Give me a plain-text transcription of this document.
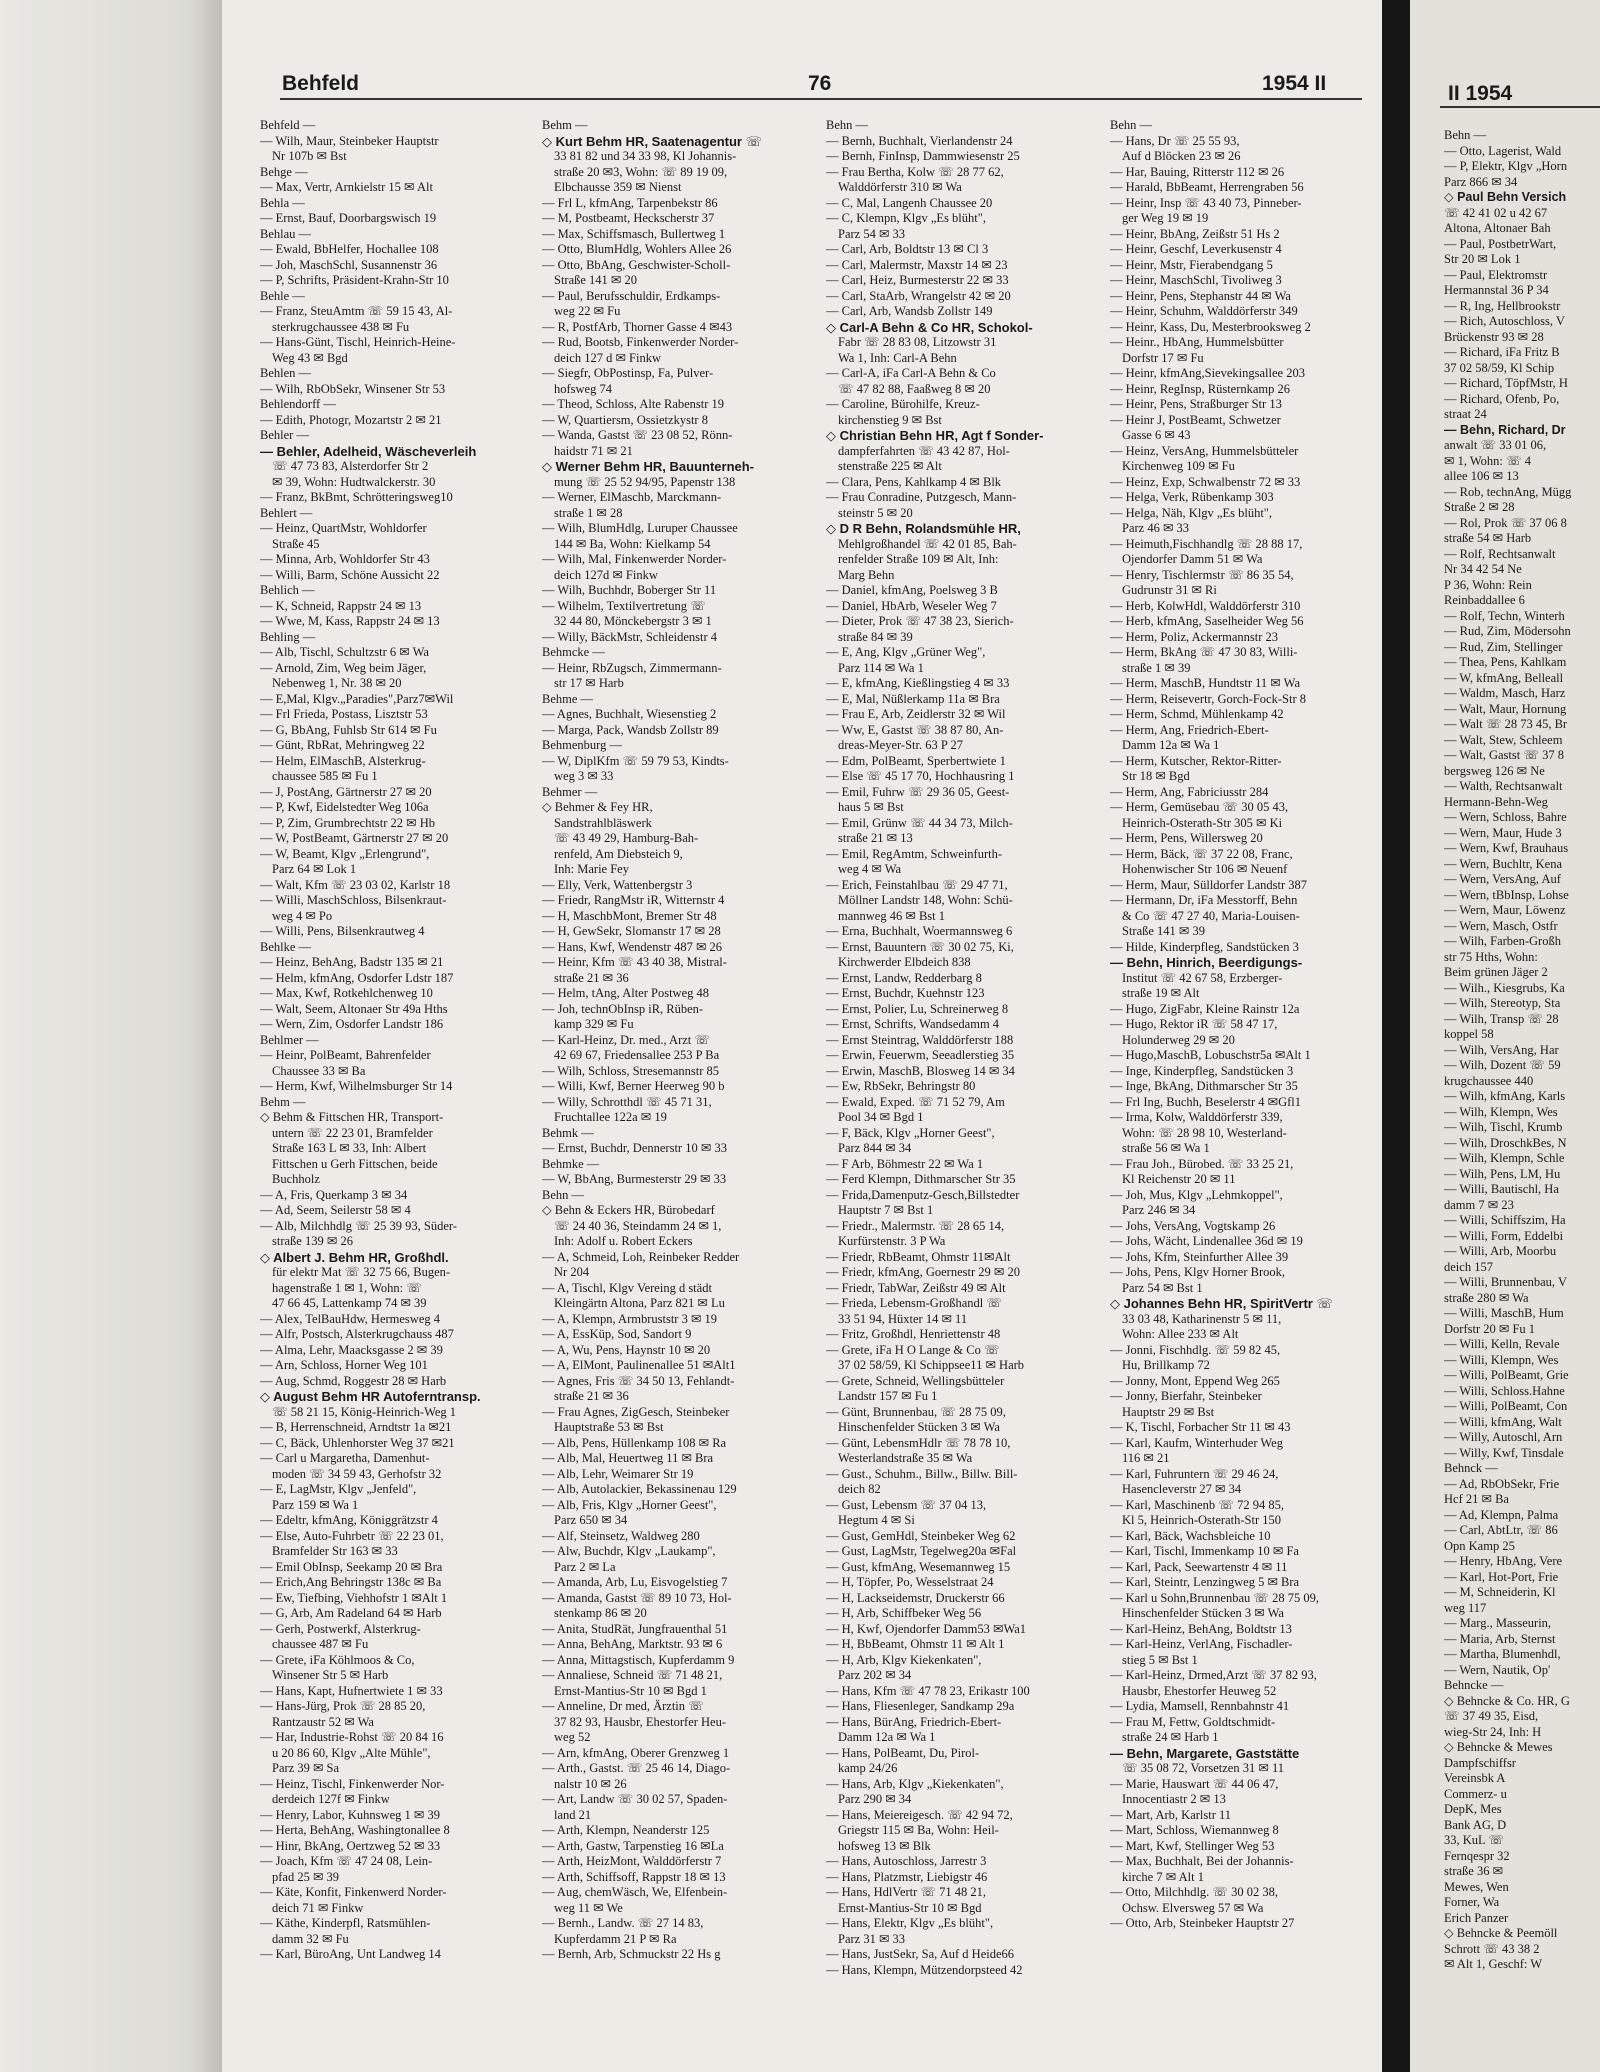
Behfeld	76	1954 II

Behfeld —

— Wilh, Maur, Steinbeker Hauptstr

Nr 107b ✉ Bst

Behge —

— Max, Vertr, Arnkielstr 15 ✉ Alt

Behla —

— Ernst, Bauf, Doorbargswisch 19

Behlau —

— Ewald, BbHelfer, Hochallee 108

— Joh, MaschSchl, Susannenstr 36

— P, Schrifts, Präsident-Krahn-Str 10

Behle —

— Franz, SteuAmtm ☏ 59 15 43, Al-

sterkrugchaussee 438 ✉ Fu

— Hans-Günt, Tischl, Heinrich-Heine-

Weg 43 ✉ Bgd

Behlen —

— Wilh, RbObSekr, Winsener Str 53

Behlendorff —

— Edith, Photogr, Mozartstr 2 ✉ 21

Behler —

— Behler, Adelheid, Wäscheverleih

☏ 47 73 83, Alsterdorfer Str 2

✉ 39, Wohn: Hudtwalckerstr. 30

— Franz, BkBmt, Schrötteringsweg10

Behlert —

— Heinz, QuartMstr, Wohldorfer

Straße 45

— Minna, Arb, Wohldorfer Str 43

— Willi, Barm, Schöne Aussicht 22

Behlich —

— K, Schneid, Rappstr 24 ✉ 13

— Wwe, M, Kass, Rappstr 24 ✉ 13

Behling —

— Alb, Tischl, Schultzstr 6 ✉ Wa

— Arnold, Zim, Weg beim Jäger,

Nebenweg 1, Nr. 38 ✉ 20

— E,Mal, Klgv.„Paradies",Parz7✉Wil

— Frl Frieda, Postass, Lisztstr 53

— G, BbAng, Fuhlsb Str 614 ✉ Fu

— Günt, RbRat, Mehringweg 22

— Helm, ElMaschB, Alsterkrug-

chaussee 585 ✉ Fu 1

— J, PostAng, Gärtnerstr 27 ✉ 20

— P, Kwf, Eidelstedter Weg 106a

— P, Zim, Grumbrechtstr 22 ✉ Hb

— W, PostBeamt, Gärtnerstr 27 ✉ 20

— W, Beamt, Klgv „Erlengrund",

Parz 64 ✉ Lok 1

— Walt, Kfm ☏ 23 03 02, Karlstr 18

— Willi, MaschSchloss, Bilsenkraut-

weg 4 ✉ Po

— Willi, Pens, Bilsenkrautweg 4

Behlke —

— Heinz, BehAng, Badstr 135 ✉ 21

— Helm, kfmAng, Osdorfer Ldstr 187

— Max, Kwf, Rotkehlchenweg 10

— Walt, Seem, Altonaer Str 49a Hths

— Wern, Zim, Osdorfer Landstr 186

Behlmer —

— Heinr, PolBeamt, Bahrenfelder

Chaussee 33 ✉ Ba

— Herm, Kwf, Wilhelmsburger Str 14

Behm —

◇ Behm & Fittschen HR, Transport-

untern ☏ 22 23 01, Bramfelder

Straße 163 L ✉ 33, Inh: Albert

Fittschen u Gerh Fittschen, beide

Buchholz

— A, Fris, Querkamp 3 ✉ 34

— Ad, Seem, Seilerstr 58 ✉ 4

— Alb, Milchhdlg ☏ 25 39 93, Süder-

straße 139 ✉ 26

◇ Albert J. Behm HR, Großhdl.

für elektr Mat ☏ 32 75 66, Bugen-

hagenstraße 1 ✉ 1, Wohn: ☏

47 66 45, Lattenkamp 74 ✉ 39

— Alex, TelBauHdw, Hermesweg 4

— Alfr, Postsch, Alsterkrugchauss 487

— Alma, Lehr, Maacksgasse 2 ✉ 39

— Arn, Schloss, Horner Weg 101

— Aug, Schmd, Roggestr 28 ✉ Harb

◇ August Behm HR Autoferntransp.

☏ 58 21 15, König-Heinrich-Weg 1

— B, Herrenschneid, Arndtstr 1a ✉21

— C, Bäck, Uhlenhorster Weg 37 ✉21

— Carl u Margaretha, Damenhut-

moden ☏ 34 59 43, Gerhofstr 32

— E, LagMstr, Klgv „Jenfeld",

Parz 159 ✉ Wa 1

— Edeltr, kfmAng, Königgrätzstr 4

— Else, Auto-Fuhrbetr ☏ 22 23 01,

Bramfelder Str 163 ✉ 33

— Emil ObInsp, Seekamp 20 ✉ Bra

— Erich,Ang Behringstr 138c ✉ Ba

— Ew, Tiefbing, Viehhofstr 1 ✉Alt 1

— G, Arb, Am Radeland 64 ✉ Harb

— Gerh, Postwerkf, Alsterkrug-

chaussee 487 ✉ Fu

— Grete, iFa Köhlmoos & Co,

Winsener Str 5 ✉ Harb

— Hans, Kapt, Hufnertwiete 1 ✉ 33

— Hans-Jürg, Prok ☏ 28 85 20,

Rantzaustr 52 ✉ Wa

— Har, Industrie-Rohst ☏ 20 84 16

u 20 86 60, Klgv „Alte Mühle",

Parz 39 ✉ Sa

— Heinz, Tischl, Finkenwerder Nor-

derdeich 127f ✉ Finkw

— Henry, Labor, Kuhnsweg 1 ✉ 39

— Herta, BehAng, Washingtonallee 8

— Hinr, BkAng, Oertzweg 52 ✉ 33

— Joach, Kfm ☏ 47 24 08, Lein-

pfad 25 ✉ 39

— Käte, Konfit, Finkenwerd Norder-

deich 71 ✉ Finkw

— Käthe, Kinderpfl, Ratsmühlen-

damm 32 ✉ Fu

— Karl, BüroAng, Unt Landweg 14

Behm —

◇ Kurt Behm HR, Saatenagentur ☏

33 81 82 und 34 33 98, Kl Johannis-

straße 20 ✉3, Wohn: ☏ 89 19 09,

Elbchausse 359 ✉ Nienst

— Frl L, kfmAng, Tarpenbekstr 86

— M, Postbeamt, Heckscherstr 37

— Max, Schiffsmasch, Bullertweg 1

— Otto, BlumHdlg, Wohlers Allee 26

— Otto, BbAng, Geschwister-Scholl-

Straße 141 ✉ 20

— Paul, Berufsschuldir, Erdkamps-

weg 22 ✉ Fu

— R, PostfArb, Thorner Gasse 4 ✉43

— Rud, Bootsb, Finkenwerder Norder-

deich 127 d ✉ Finkw

— Siegfr, ObPostinsp, Fa, Pulver-

hofsweg 74

— Theod, Schloss, Alte Rabenstr 19

— W, Quartiersm, Ossietzkystr 8

— Wanda, Gastst ☏ 23 08 52, Rönn-

haidstr 71 ✉ 21

◇ Werner Behm HR, Bauunterneh-

mung ☏ 25 52 94/95, Papenstr 138

— Werner, ElMaschb, Marckmann-

straße 1 ✉ 28

— Wilh, BlumHdlg, Luruper Chaussee

144 ✉ Ba, Wohn: Kielkamp 54

— Wilh, Mal, Finkenwerder Norder-

deich 127d ✉ Finkw

— Wilh, Buchhdr, Boberger Str 11

— Wilhelm, Textilvertretung ☏

32 44 80, Mönckebergstr 3 ✉ 1

— Willy, BäckMstr, Schleidenstr 4

Behmcke —

— Heinr, RbZugsch, Zimmermann-

str 17 ✉ Harb

Behme —

— Agnes, Buchhalt, Wiesenstieg 2

— Marga, Pack, Wandsb Zollstr 89

Behmenburg —

— W, DiplKfm ☏ 59 79 53, Kindts-

weg 3 ✉ 33

Behmer —

◇ Behmer & Fey HR,

Sandstrahlbläswerk

☏ 43 49 29, Hamburg-Bah-

renfeld, Am Diebsteich 9,

Inh: Marie Fey

— Elly, Verk, Wattenbergstr 3

— Friedr, RangMstr iR, Witternstr 4

— H, MaschbMont, Bremer Str 48

— H, GewSekr, Slomanstr 17 ✉ 28

— Hans, Kwf, Wendenstr 487 ✉ 26

— Heinr, Kfm ☏ 43 40 38, Mistral-

straße 21 ✉ 36

— Helm, tAng, Alter Postweg 48

— Joh, technObInsp iR, Rüben-

kamp 329 ✉ Fu

— Karl-Heinz, Dr. med., Arzt ☏

42 69 67, Friedensallee 253 P Ba

— Wilh, Schloss, Stresemannstr 85

— Willi, Kwf, Berner Heerweg 90 b

— Willy, Schrotthdl ☏ 45 71 31,

Fruchtallee 122a ✉ 19

Behmk —

— Ernst, Buchdr, Dennerstr 10 ✉ 33

Behmke —

— W, BbAng, Burmesterstr 29 ✉ 33

Behn —

◇ Behn & Eckers HR, Bürobedarf

☏ 24 40 36, Steindamm 24 ✉ 1,

Inh: Adolf u. Robert Eckers

— A, Schmeid, Loh, Reinbeker Redder

Nr 204

— A, Tischl, Klgv Vereing d städt

Kleingärtn Altona, Parz 821 ✉ Lu

— A, Klempn, Armbruststr 3 ✉ 19

— A, EssKüp, Sod, Sandort 9

— A, Wu, Pens, Haynstr 10 ✉ 20

— A, ElMont, Paulinenallee 51 ✉Alt1

— Agnes, Fris ☏ 34 50 13, Fehlandt-

straße 21 ✉ 36

— Frau Agnes, ZigGesch, Steinbeker

Hauptstraße 53 ✉ Bst

— Alb, Pens, Hüllenkamp 108 ✉ Ra

— Alb, Mal, Heuertweg 11 ✉ Bra

— Alb, Lehr, Weimarer Str 19

— Alb, Autolackier, Bekassinenau 129

— Alb, Fris, Klgv „Horner Geest",

Parz 650 ✉ 34

— Alf, Steinsetz, Waldweg 280

— Alw, Buchdr, Klgv „Laukamp",

Parz 2 ✉ La

— Amanda, Arb, Lu, Eisvogelstieg 7

— Amanda, Gastst ☏ 89 10 73, Hol-

stenkamp 86 ✉ 20

— Anita, StudRät, Jungfrauenthal 51

— Anna, BehAng, Marktstr. 93 ✉ 6

— Anna, Mittagstisch, Kupferdamm 9

— Annaliese, Schneid ☏ 71 48 21,

Ernst-Mantius-Str 10 ✉ Bgd 1

— Anneline, Dr med, Ärztin ☏

37 82 93, Hausbr, Ehestorfer Heu-

weg 52

— Arn, kfmAng, Oberer Grenzweg 1

— Arth., Gastst. ☏ 25 46 14, Diago-

nalstr 10 ✉ 26

— Art, Landw ☏ 30 02 57, Spaden-

land 21

— Arth, Klempn, Neanderstr 125

— Arth, Gastw, Tarpenstieg 16 ✉La

— Arth, HeizMont, Walddörferstr 7

— Arth, Schiffsoff, Rappstr 18 ✉ 13

— Aug, chemWäsch, We, Elfenbein-

weg 11 ✉ We

— Bernh., Landw. ☏ 27 14 83,

Kupferdamm 21 P ✉ Ra

— Bernh, Arb, Schmuckstr 22 Hs g

Behn —

— Bernh, Buchhalt, Vierlandenstr 24

— Bernh, FinInsp, Dammwiesenstr 25

— Frau Bertha, Kolw ☏ 28 77 62,

Walddörferstr 310 ✉ Wa

— C, Mal, Langenh Chaussee 20

— C, Klempn, Klgv „Es blüht",

Parz 54 ✉ 33

— Carl, Arb, Boldtstr 13 ✉ Cl 3

— Carl, Malermstr, Maxstr 14 ✉ 23

— Carl, Heiz, Burmesterstr 22 ✉ 33

— Carl, StaArb, Wrangelstr 42 ✉ 20

— Carl, Arb, Wandsb Zollstr 149

◇ Carl-A Behn & Co HR, Schokol-

Fabr ☏ 28 83 08, Litzowstr 31

Wa 1, Inh: Carl-A Behn

— Carl-A, iFa Carl-A Behn & Co

☏ 47 82 88, Faaßweg 8 ✉ 20

— Caroline, Bürohilfe, Kreuz-

kirchenstieg 9 ✉ Bst

◇ Christian Behn HR, Agt f Sonder-

dampferfahrten ☏ 43 42 87, Hol-

stenstraße 225 ✉ Alt

— Clara, Pens, Kahlkamp 4 ✉ Blk

— Frau Conradine, Putzgesch, Mann-

steinstr 5 ✉ 20

◇ D R Behn, Rolandsmühle HR,

Mehlgroßhandel ☏ 42 01 85, Bah-

renfelder Straße 109 ✉ Alt, Inh:

Marg Behn

— Daniel, kfmAng, Poelsweg 3 B

— Daniel, HbArb, Weseler Weg 7

— Dieter, Prok ☏ 47 38 23, Sierich-

straße 84 ✉ 39

— E, Ang, Klgv „Grüner Weg",

Parz 114 ✉ Wa 1

— E, kfmAng, Kießlingstieg 4 ✉ 33

— E, Mal, Nüßlerkamp 11a ✉ Bra

— Frau E, Arb, Zeidlerstr 32 ✉ Wil

— Ww, E, Gastst ☏ 38 87 80, An-

dreas-Meyer-Str. 63 P 27

— Edm, PolBeamt, Sperbertwiete 1

— Else ☏ 45 17 70, Hochhausring 1

— Emil, Fuhrw ☏ 29 36 05, Geest-

haus 5 ✉ Bst

— Emil, Grünw ☏ 44 34 73, Milch-

straße 21 ✉ 13

— Emil, RegAmtm, Schweinfurth-

weg 4 ✉ Wa

— Erich, Feinstahlbau ☏ 29 47 71,

Möllner Landstr 148, Wohn: Schü-

mannweg 46 ✉ Bst 1

— Erna, Buchhalt, Woermannsweg 6

— Ernst, Bauuntern ☏ 30 02 75, Ki,

Kirchwerder Elbdeich 838

— Ernst, Landw, Redderbarg 8

— Ernst, Buchdr, Kuehnstr 123

— Ernst, Polier, Lu, Schreinerweg 8

— Ernst, Schrifts, Wandsedamm 4

— Ernst Steintrag, Walddörferstr 188

— Erwin, Feuerwm, Seeadlerstieg 35

— Erwin, MaschB, Blosweg 14 ✉ 34

— Ew, RbSekr, Behringstr 80

— Ewald, Exped. ☏ 71 52 79, Am

Pool 34 ✉ Bgd 1

— F, Bäck, Klgv „Horner Geest",

Parz 844 ✉ 34

— F Arb, Böhmestr 22 ✉ Wa 1

— Ferd Klempn, Dithmarscher Str 35

— Frida,Damenputz-Gesch,Billstedter

Hauptstr 7 ✉ Bst 1

— Friedr., Malermstr. ☏ 28 65 14,

Kurfürstenstr. 3 P Wa

— Friedr, RbBeamt, Ohmstr 11✉Alt

— Friedr, kfmAng, Goernestr 29 ✉ 20

— Friedr, TabWar, Zeißstr 49 ✉ Alt

— Frieda, Lebensm-Großhandl ☏

33 51 94, Hüxter 14 ✉ 11

— Fritz, Großhdl, Henriettenstr 48

— Grete, iFa H O Lange & Co ☏

37 02 58/59, Kl Schippsee11 ✉ Harb

— Grete, Schneid, Wellingsbütteler

Landstr 157 ✉ Fu 1

— Günt, Brunnenbau, ☏ 28 75 09,

Hinschenfelder Stücken 3 ✉ Wa

— Günt, LebensmHdlr ☏ 78 78 10,

Westerlandstraße 35 ✉ Wa

— Gust., Schuhm., Billw., Billw. Bill-

deich 82

— Gust, Lebensm ☏ 37 04 13,

Hegtum 4 ✉ Si

— Gust, GemHdl, Steinbeker Weg 62

— Gust, LagMstr, Tegelweg20a ✉Fal

— Gust, kfmAng, Wesemannweg 15

— H, Töpfer, Po, Wesselstraat 24

— H, Lackseidemstr, Druckerstr 66

— H, Arb, Schiffbeker Weg 56

— H, Kwf, Ojendorfer Damm53 ✉Wa1

— H, BbBeamt, Ohmstr 11 ✉ Alt 1

— H, Arb, Klgv Kiekenkaten",

Parz 202 ✉ 34

— Hans, Kfm ☏ 47 78 23, Erikastr 100

— Hans, Fliesenleger, Sandkamp 29a

— Hans, BürAng, Friedrich-Ebert-

Damm 12a ✉ Wa 1

— Hans, PolBeamt, Du, Pirol-

kamp 24/26

— Hans, Arb, Klgv „Kiekenkaten",

Parz 290 ✉ 34

— Hans, Meiereigesch. ☏ 42 94 72,

Griegstr 115 ✉ Ba, Wohn: Heil-

hofsweg 13 ✉ Blk

— Hans, Autoschloss, Jarrestr 3

— Hans, Platzmstr, Liebigstr 46

— Hans, HdlVertr ☏ 71 48 21,

Ernst-Mantius-Str 10 ✉ Bgd

— Hans, Elektr, Klgv „Es blüht",

Parz 31 ✉ 33

— Hans, JustSekr, Sa, Auf d Heide66

— Hans, Klempn, Mützendorpsteed 42

Behn —

— Hans, Dr ☏ 25 55 93,

Auf d Blöcken 23 ✉ 26

— Har, Bauing, Ritterstr 112 ✉ 26

— Harald, BbBeamt, Herrengraben 56

— Heinr, Insp ☏ 43 40 73, Pinneber-

ger Weg 19 ✉ 19

— Heinr, BbAng, Zeißstr 51 Hs 2

— Heinr, Geschf, Leverkusenstr 4

— Heinr, Mstr, Fierabendgang 5

— Heinr, MaschSchl, Tivoliweg 3

— Heinr, Pens, Stephanstr 44 ✉ Wa

— Heinr, Schuhm, Walddörferstr 349

— Heinr, Kass, Du, Mesterbrooksweg 2

— Heinr., HbAng, Hummelsbütter

Dorfstr 17 ✉ Fu

— Heinr, kfmAng,Sievekingsallee 203

— Heinr, RegInsp, Rüsternkamp 26

— Heinr, Pens, Straßburger Str 13

— Heinr J, PostBeamt, Schwetzer

Gasse 6 ✉ 43

— Heinz, VersAng, Hummelsbütteler

Kirchenweg 109 ✉ Fu

— Heinz, Exp, Schwalbenstr 72 ✉ 33

— Helga, Verk, Rübenkamp 303

— Helga, Näh, Klgv „Es blüht",

Parz 46 ✉ 33

— Heimuth,Fischhandlg ☏ 28 88 17,

Ojendorfer Damm 51 ✉ Wa

— Henry, Tischlermstr ☏ 86 35 54,

Gudrunstr 31 ✉ Ri

— Herb, KolwHdl, Walddörferstr 310

— Herb, kfmAng, Saselheider Weg 56

— Herm, Poliz, Ackermannstr 23

— Herm, BkAng ☏ 47 30 83, Willi-

straße 1 ✉ 39

— Herm, MaschB, Hundtstr 11 ✉ Wa

— Herm, Reisevertr, Gorch-Fock-Str 8

— Herm, Schmd, Mühlenkamp 42

— Herm, Ang, Friedrich-Ebert-

Damm 12a ✉ Wa 1

— Herm, Kutscher, Rektor-Ritter-

Str 18 ✉ Bgd

— Herm, Ang, Fabriciusstr 284

— Herm, Gemüsebau ☏ 30 05 43,

Heinrich-Osterath-Str 305 ✉ Ki

— Herm, Pens, Willersweg 20

— Herm, Bäck, ☏ 37 22 08, Franc,

Hohenwischer Str 106 ✉ Neuenf

— Herm, Maur, Sülldorfer Landstr 387

— Hermann, Dr, iFa Messtorff, Behn

& Co ☏ 47 27 40, Maria-Louisen-

Straße 141 ✉ 39

— Hilde, Kinderpfleg, Sandstücken 3

— Behn, Hinrich, Beerdigungs-

Institut ☏ 42 67 58, Erzberger-

straße 19 ✉ Alt

— Hugo, ZigFabr, Kleine Rainstr 12a

— Hugo, Rektor iR ☏ 58 47 17,

Holunderweg 29 ✉ 20

— Hugo,MaschB, Lobuschstr5a ✉Alt 1

— Inge, Kinderpfleg, Sandstücken 3

— Inge, BkAng, Dithmarscher Str 35

— Frl Ing, Buchh, Beselerstr 4 ✉Gfl1

— Irma, Kolw, Walddörferstr 339,

Wohn: ☏ 28 98 10, Westerland-

straße 56 ✉ Wa 1

— Frau Joh., Bürobed. ☏ 33 25 21,

Kl Reichenstr 20 ✉ 11

— Joh, Mus, Klgv „Lehmkoppel",

Parz 246 ✉ 34

— Johs, VersAng, Vogtskamp 26

— Johs, Wächt, Lindenallee 36d ✉ 19

— Johs, Kfm, Steinfurther Allee 39

— Johs, Pens, Klgv Horner Brook,

Parz 54 ✉ Bst 1

◇ Johannes Behn HR, SpiritVertr ☏

33 03 48, Katharinenstr 5 ✉ 11,

Wohn: Allee 233 ✉ Alt

— Jonni, Fischhdlg. ☏ 59 82 45,

Hu, Brillkamp 72

— Jonny, Mont, Eppend Weg 265

— Jonny, Bierfahr, Steinbeker

Hauptstr 29 ✉ Bst

— K, Tischl, Forbacher Str 11 ✉ 43

— Karl, Kaufm, Winterhuder Weg

116 ✉ 21

— Karl, Fuhruntern ☏ 29 46 24,

Hasencleverstr 27 ✉ 34

— Karl, Maschinenb ☏ 72 94 85,

Kl 5, Heinrich-Osterath-Str 150

— Karl, Bäck, Wachsbleiche 10

— Karl, Tischl, Immenkamp 10 ✉ Fa

— Karl, Pack, Seewartenstr 4 ✉ 11

— Karl, Steintr, Lenzingweg 5 ✉ Bra

— Karl u Sohn,Brunnenbau ☏ 28 75 09,

Hinschenfelder Stücken 3 ✉ Wa

— Karl-Heinz, BehAng, Boldtstr 13

— Karl-Heinz, VerlAng, Fischadler-

stieg 5 ✉ Bst 1

— Karl-Heinz, Drmed,Arzt ☏ 37 82 93,

Hausbr, Ehestorfer Heuweg 52

— Lydia, Mamsell, Rennbahnstr 41

— Frau M, Fettw, Goldtschmidt-

straße 24 ✉ Harb 1

— Behn, Margarete, Gaststätte

☏ 35 08 72, Vorsetzen 31 ✉ 11

— Marie, Hauswart ☏ 44 06 47,

Innocentiastr 2 ✉ 13

— Mart, Arb, Karlstr 11

— Mart, Schloss, Wiemannweg 8

— Mart, Kwf, Stellinger Weg 53

— Max, Buchhalt, Bei der Johannis-

kirche 7 ✉ Alt 1

— Otto, Milchhdlg. ☏ 30 02 38,

Ochsw. Elversweg 57 ✉ Wa

— Otto, Arb, Steinbeker Hauptstr 27

II 1954

Behn —

— Otto, Lagerist, Wald

— P, Elektr, Klgv „Horn

Parz 866 ✉ 34

◇ Paul Behn Versich

☏ 42 41 02 u 42 67

Altona, Altonaer Bah

— Paul, PostbetrWart,

Str 20 ✉ Lok 1

— Paul, Elektromstr

Hermannstal 36 P 34

— R, Ing, Hellbrookstr

— Rich, Autoschloss, V

Brückenstr 93 ✉ 28

— Richard, iFa Fritz B

37 02 58/59, Kl Schip

— Richard, TöpfMstr, H

— Richard, Ofenb, Po,

straat 24

— Behn, Richard, Dr

anwalt ☏ 33 01 06,

✉ 1, Wohn: ☏ 4

allee 106 ✉ 13

— Rob, technAng, Mügg

Straße 2 ✉ 28

— Rol, Prok ☏ 37 06 8

straße 54 ✉ Harb

— Rolf, Rechtsanwalt

Nr 34 42 54 Ne

P 36, Wohn: Rein

Reinbaddallee 6

— Rolf, Techn, Winterh

— Rud, Zim, Mödersohn

— Rud, Zim, Stellinger

— Thea, Pens, Kahlkam

— W, kfmAng, Belleall

— Waldm, Masch, Harz

— Walt, Maur, Hornung

— Walt ☏ 28 73 45, Br

— Walt, Stew, Schleem

— Walt, Gastst ☏ 37 8

bergsweg 126 ✉ Ne

— Walth, Rechtsanwalt

Hermann-Behn-Weg

— Wern, Schloss, Bahre

— Wern, Maur, Hude 3

— Wern, Kwf, Brauhaus

— Wern, Buchltr, Kena

— Wern, VersAng, Auf

— Wern, tBbInsp, Lohse

— Wern, Maur, Löwenz

— Wern, Masch, Ostfr

— Wilh, Farben-Großh

str 75 Hths, Wohn:

Beim grünen Jäger 2

— Wilh., Kiesgrubs, Ka

— Wilh, Stereotyp, Sta

— Wilh, Transp ☏ 28

koppel 58

— Wilh, VersAng, Har

— Wilh, Dozent ☏ 59

krugchaussee 440

— Wilh, kfmAng, Karls

— Wilh, Klempn, Wes

— Wilh, Tischl, Krumb

— Wilh, DroschkBes, N

— Wilh, Klempn, Schle

— Wilh, Pens, LM, Hu

— Willi, Bautischl, Ha

damm 7 ✉ 23

— Willi, Schiffszim, Ha

— Willi, Form, Eddelbi

— Willi, Arb, Moorbu

deich 157

— Willi, Brunnenbau, V

straße 280 ✉ Wa

— Willi, MaschB, Hum

Dorfstr 20 ✉ Fu 1

— Willi, Kelln, Revale

— Willi, Klempn, Wes

— Willi, PolBeamt, Grie

— Willi, Schloss.Hahne

— Willi, PolBeamt, Con

— Willi, kfmAng, Walt

— Willy, Autoschl, Arn

— Willy, Kwf, Tinsdale

Behnck —

— Ad, RbObSekr, Frie

Hcf 21 ✉ Ba

— Ad, Klempn, Palma

— Carl, AbtLtr, ☏ 86

Opn Kamp 25

— Henry, HbAng, Vere

— Karl, Hot-Port, Frie

— M, Schneiderin, Kl

weg 117

— Marg., Masseurin,

— Maria, Arb, Sternst

— Martha, Blumenhdl,

— Wern, Nautik, Op'

Behncke —

◇ Behncke & Co. HR, G

☏ 37 49 35, Eisd,

wieg-Str 24, Inh: H

◇ Behncke & Mewes

Dampfschiffsr

Vereinsbk A

Commerz- u

DepK, Mes

Bank AG, D

33, KuL ☏

Fernqespr 32

straße 36 ✉

Mewes, Wen

Forner, Wa

Erich Panzer

◇ Behncke & Peemöll

Schrott ☏ 43 38 2

✉ Alt 1, Geschf: W
